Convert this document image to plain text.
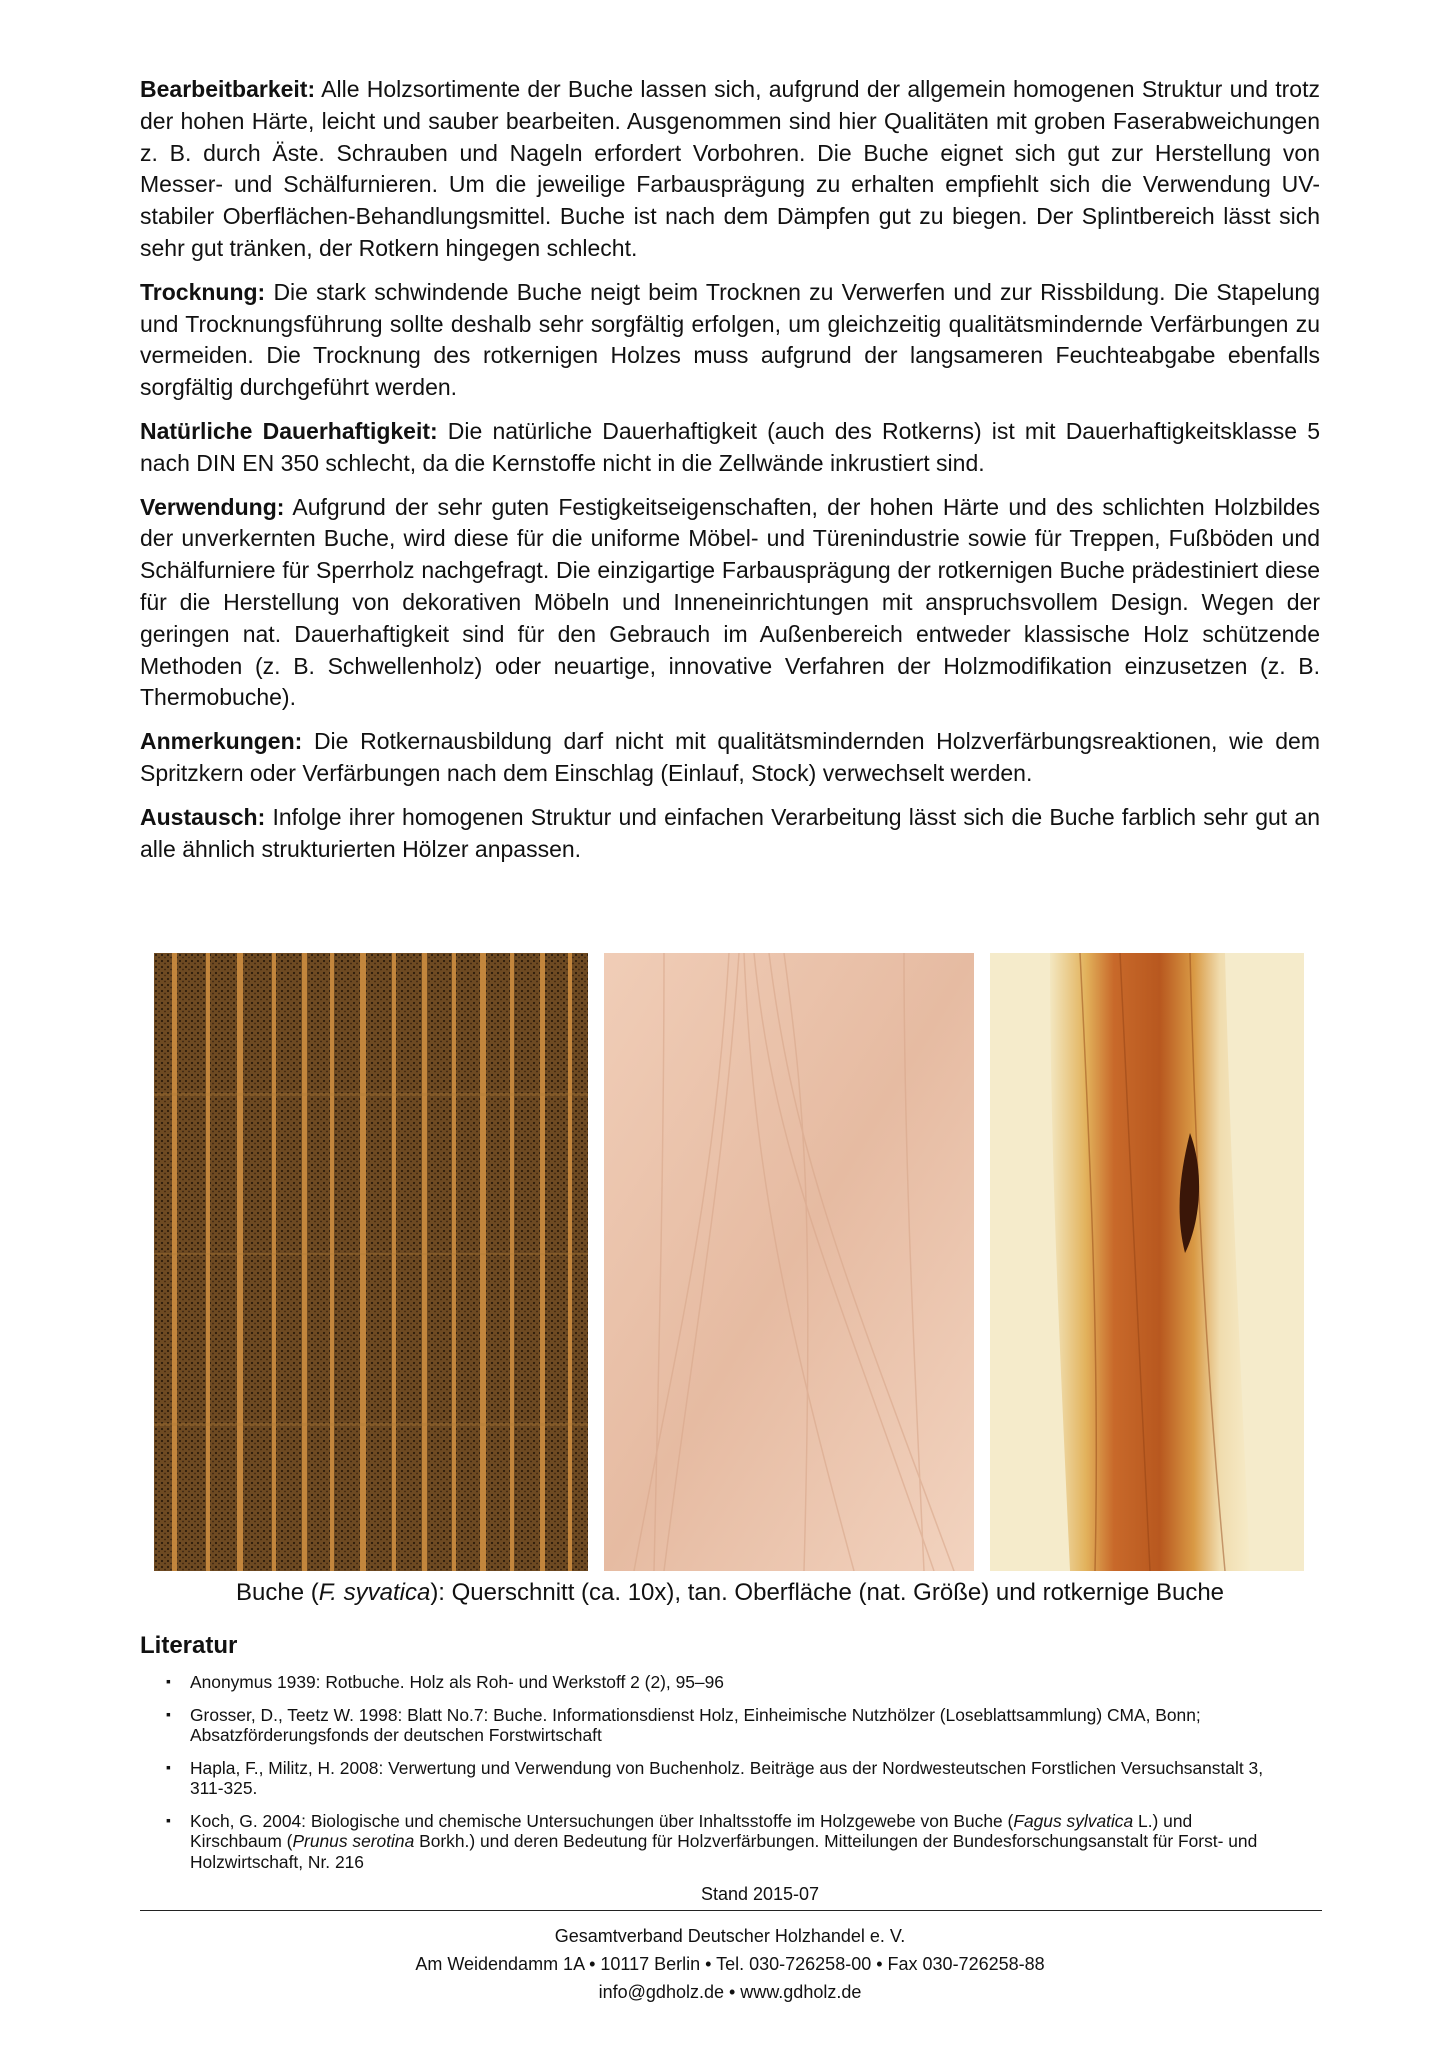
Bearbeitbarkeit: Alle Holzsortimente der Buche lassen sich, aufgrund der allgemein homogenen Struktur und trotz der hohen Härte, leicht und sauber bearbeiten. Ausgenommen sind hier Qualitäten mit groben Faserabweichungen z. B. durch Äste. Schrauben und Nageln erfordert Vorbohren. Die Buche eignet sich gut zur Herstellung von Messer- und Schälfurnieren. Um die jeweilige Farbausprägung zu erhalten empfiehlt sich die Verwendung UV-stabiler Oberflächen-Behandlungsmittel. Buche ist nach dem Dämpfen gut zu biegen. Der Splintbereich lässt sich sehr gut tränken, der Rotkern hingegen schlecht.

Trocknung: Die stark schwindende Buche neigt beim Trocknen zu Verwerfen und zur Rissbildung. Die Stapelung und Trocknungsführung sollte deshalb sehr sorgfältig erfolgen, um gleichzeitig qualitätsmindernde Verfärbungen zu vermeiden. Die Trocknung des rotkernigen Holzes muss aufgrund der langsameren Feuchteabgabe ebenfalls sorgfältig durchgeführt werden.

Natürliche Dauerhaftigkeit: Die natürliche Dauerhaftigkeit (auch des Rotkerns) ist mit Dauerhaftigkeitsklasse 5 nach DIN EN 350 schlecht, da die Kernstoffe nicht in die Zellwände inkrustiert sind.

Verwendung: Aufgrund der sehr guten Festigkeitseigenschaften, der hohen Härte und des schlichten Holzbildes der unverkernten Buche, wird diese für die uniforme Möbel- und Türenindustrie sowie für Treppen, Fußböden und Schälfurniere für Sperrholz nachgefragt. Die einzigartige Farbausprägung der rotkernigen Buche prädestiniert diese für die Herstellung von dekorativen Möbeln und Inneneinrichtungen mit anspruchsvollem Design. Wegen der geringen nat. Dauerhaftigkeit sind für den Gebrauch im Außenbereich entweder klassische Holz schützende Methoden (z. B. Schwellenholz) oder neuartige, innovative Verfahren der Holzmodifikation einzusetzen (z. B. Thermobuche).

Anmerkungen: Die Rotkernausbildung darf nicht mit qualitätsmindernden Holzverfärbungsreaktionen, wie dem Spritzkern oder Verfärbungen nach dem Einschlag (Einlauf, Stock) verwechselt werden.

Austausch: Infolge ihrer homogenen Struktur und einfachen Verarbeitung lässt sich die Buche farblich sehr gut an alle ähnlich strukturierten Hölzer anpassen.

Buche (F. syvatica): Querschnitt (ca. 10x), tan. Oberfläche (nat. Größe) und rotkernige Buche
Literatur
▪ Anonymus 1939: Rotbuche. Holz als Roh- und Werkstoff 2 (2), 95–96
▪ Grosser, D., Teetz W. 1998: Blatt No.7: Buche. Informationsdienst Holz, Einheimische Nutzhölzer (Loseblattsammlung) CMA, Bonn; Absatzförderungsfonds der deutschen Forstwirtschaft
▪ Hapla, F., Militz, H. 2008: Verwertung und Verwendung von Buchenholz. Beiträge aus der Nordwesteutschen Forstlichen Versuchsanstalt 3, 311-325.
▪ Koch, G. 2004: Biologische und chemische Untersuchungen über Inhaltsstoffe im Holzgewebe von Buche (Fagus sylvatica L.) und Kirschbaum (Prunus serotina Borkh.) und deren Bedeutung für Holzverfärbungen. Mitteilungen der Bundesforschungsanstalt für Forst- und Holzwirtschaft, Nr. 216
Stand 2015-07
Gesamtverband Deutscher Holzhandel e. V.
Am Weidendamm 1A • 10117 Berlin • Tel. 030-726258-00 • Fax 030-726258-88
info@gdholz.de • www.gdholz.de
